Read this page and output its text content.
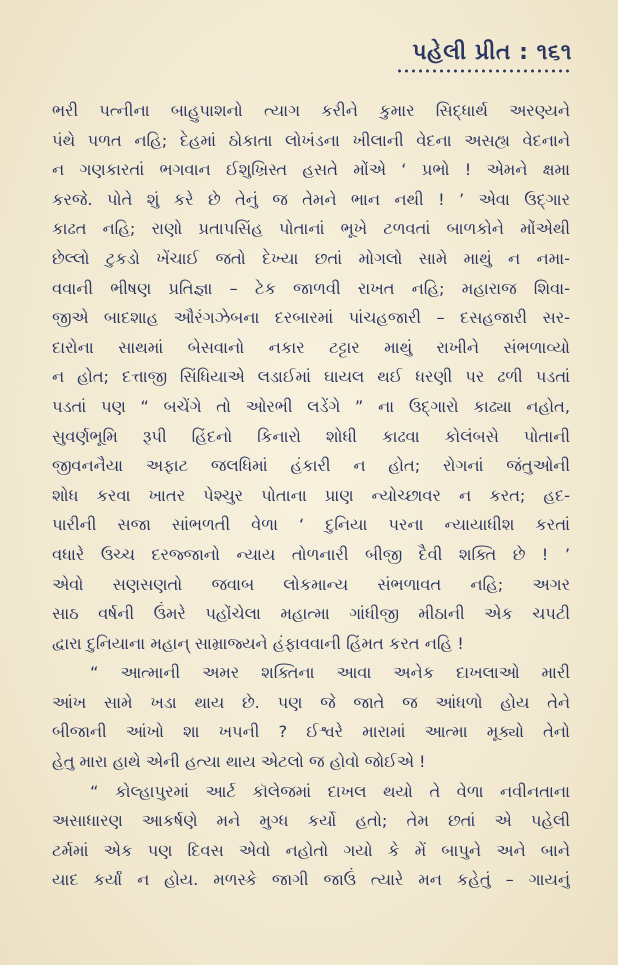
પહેલી પ્રીત : ૧૬૧
ભરી પત્નીના બાહુપાશનો ત્યાગ કરીને કુમાર સિદ્ધાર્થ અરણ્યને
પંથે પળત નહિ; દેહમાં ઠોકાતા લોખંડના ખીલાની વેદના અસહ્ય વેદનાને
ન ગણકારતાં ભગવાન ઈશુખ્રિસ્ત હસતે મોંએ ‘ પ્રભો ! એમને ક્ષમા
કરજે. પોતે શું કરે છે તેનું જ તેમને ભાન નથી ! ’ એવા ઉદ્‌ગાર
કાઢત નહિ; રાણો પ્રતાપસિંહ પોતાનાં ભૂખે ટળવતાં બાળકોને મોંએથી
છેલ્લો ટુકડો ખેંચાઈ જતો દેખ્યા છતાં મોગલો સામે માથું ન નમા-
વવાની ભીષણ પ્રતિજ્ઞા – ટેક જાળવી રાખત નહિ; મહારાજ શિવા-
જીએ બાદશાહ ઔરંગઝેબના દરબારમાં પાંચહજારી – દસહજારી સર-
દારોના સાથમાં બેસવાનો નકાર ટટ્ટાર માથું રાખીને સંભળાવ્યો
ન હોત; દત્તાજી સિંધિયાએ લડાઈમાં ઘાયલ થઈ ધરણી પર ઢળી પડતાં
પડતાં પણ “ બચેંગે તો ઓરભી લડેંગે ” ના ઉદ્‌ગારો કાઢ્યા નહોત,
સુવર્ણભૂમિ રૂપી હિંદનો કિનારો શોધી કાઢવા કોલંબસે પોતાની
જીવનનૈયા અફાટ જલધિમાં હંકારી ન હોત; રોગનાં જંતુઓની
શોધ કરવા ખાતર પેશ્ચુર પોતાના પ્રાણ ન્યોચ્છાવર ન કરત; હદ-
પારીની સજા સાંભળતી વેળા ‘ દુનિયા પરના ન્યાયાધીશ કરતાં
વધારે ઉચ્ચ દરજ્જાનો ન્યાય તોળનારી બીજી દૈવી શક્તિ છે ! ’
એવો સણસણતો જવાબ લોકમાન્ય સંભળાવત નહિ; અગર
સાઠ વર્ષની ઉંમરે પહોંચેલા મહાત્મા ગાંધીજી મીઠાની એક ચપટી
દ્વારા દુનિયાના મહાન્ સામ્રાજ્યને હંફાવવાની હિંમત કરત નહિ !
“ આત્માની અમર શક્તિના આવા અનેક દાખલાઓ મારી
આંખ સામે ખડા થાય છે. પણ જે જાતે જ આંધળો હોય તેને
બીજાની આંખો શા ખપની ? ઈશ્વરે મારામાં આત્મા મૂક્યો તેનો
હેતુ મારા હાથે એની હત્યા થાય એટલો જ હોવો જોઈએ !
“ કોલ્હાપુરમાં આર્ટ કૉલેજમાં દાખલ થયો તે વેળા નવીનતાના
અસાધારણ આકર્ષણે મને મુગ્ધ કર્યો હતો; તેમ છતાં એ પહેલી
ટર્મમાં એક પણ દિવસ એવો નહોતો ગયો કે મેં બાપુને અને બાને
યાદ કર્યાં ન હોય. મળસ્કે જાગી જાઉં ત્યારે મન કહેતું – ગાયનું
